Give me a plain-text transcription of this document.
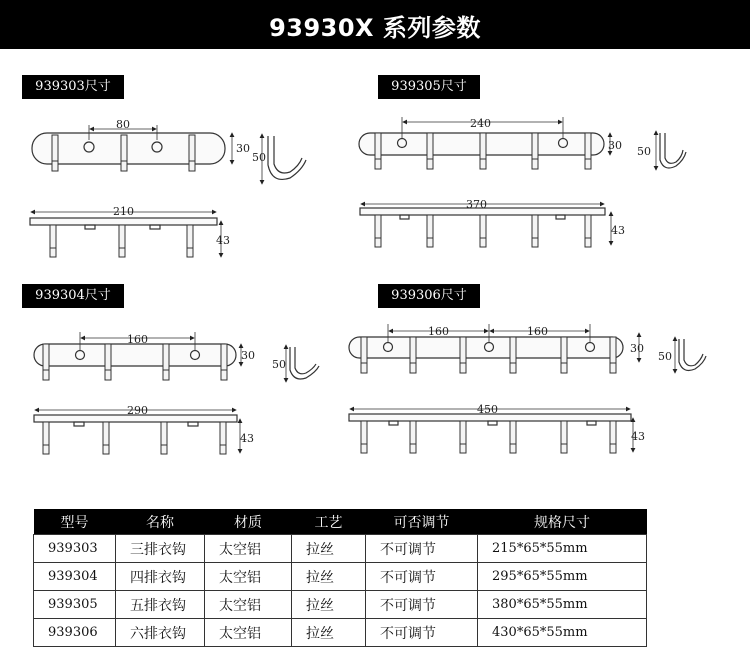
93930X 系列参数
939303尺寸	939305尺寸
939304尺寸	939306尺寸
80
30
50
210
43
240
30 50
370
43
160
30
50
290
43
160	160
30
50
450
43
型号	名称	材质	工艺	可否调节	规格尺寸
939303	三排衣钩	太空铝	拉丝	不可调节	215*65*55mm
939304	四排衣钩	太空铝	拉丝	不可调节	295*65*55mm
939305	五排衣钩	太空铝	拉丝	不可调节	380*65*55mm
939306	六排衣钩	太空铝	拉丝	不可调节	430*65*55mm
